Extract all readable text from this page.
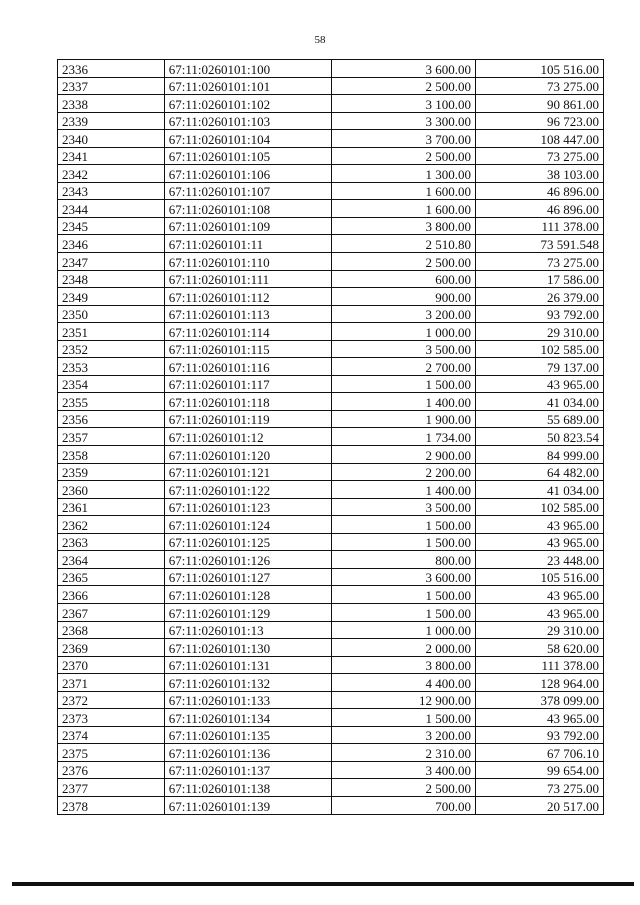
58
2336	67:11:0260101:100	3 600.00	105 516.00
2337	67:11:0260101:101	2 500.00	73 275.00
2338	67:11:0260101:102	3 100.00	90 861.00
2339	67:11:0260101:103	3 300.00	96 723.00
2340	67:11:0260101:104	3 700.00	108 447.00
2341	67:11:0260101:105	2 500.00	73 275.00
2342	67:11:0260101:106	1 300.00	38 103.00
2343	67:11:0260101:107	1 600.00	46 896.00
2344	67:11:0260101:108	1 600.00	46 896.00
2345	67:11:0260101:109	3 800.00	111 378.00
2346	67:11:0260101:11	2 510.80	73 591.548
2347	67:11:0260101:110	2 500.00	73 275.00
2348	67:11:0260101:111	600.00	17 586.00
2349	67:11:0260101:112	900.00	26 379.00
2350	67:11:0260101:113	3 200.00	93 792.00
2351	67:11:0260101:114	1 000.00	29 310.00
2352	67:11:0260101:115	3 500.00	102 585.00
2353	67:11:0260101:116	2 700.00	79 137.00
2354	67:11:0260101:117	1 500.00	43 965.00
2355	67:11:0260101:118	1 400.00	41 034.00
2356	67:11:0260101:119	1 900.00	55 689.00
2357	67:11:0260101:12	1 734.00	50 823.54
2358	67:11:0260101:120	2 900.00	84 999.00
2359	67:11:0260101:121	2 200.00	64 482.00
2360	67:11:0260101:122	1 400.00	41 034.00
2361	67:11:0260101:123	3 500.00	102 585.00
2362	67:11:0260101:124	1 500.00	43 965.00
2363	67:11:0260101:125	1 500.00	43 965.00
2364	67:11:0260101:126	800.00	23 448.00
2365	67:11:0260101:127	3 600.00	105 516.00
2366	67:11:0260101:128	1 500.00	43 965.00
2367	67:11:0260101:129	1 500.00	43 965.00
2368	67:11:0260101:13	1 000.00	29 310.00
2369	67:11:0260101:130	2 000.00	58 620.00
2370	67:11:0260101:131	3 800.00	111 378.00
2371	67:11:0260101:132	4 400.00	128 964.00
2372	67:11:0260101:133	12 900.00	378 099.00
2373	67:11:0260101:134	1 500.00	43 965.00
2374	67:11:0260101:135	3 200.00	93 792.00
2375	67:11:0260101:136	2 310.00	67 706.10
2376	67:11:0260101:137	3 400.00	99 654.00
2377	67:11:0260101:138	2 500.00	73 275.00
2378	67:11:0260101:139	700.00	20 517.00
